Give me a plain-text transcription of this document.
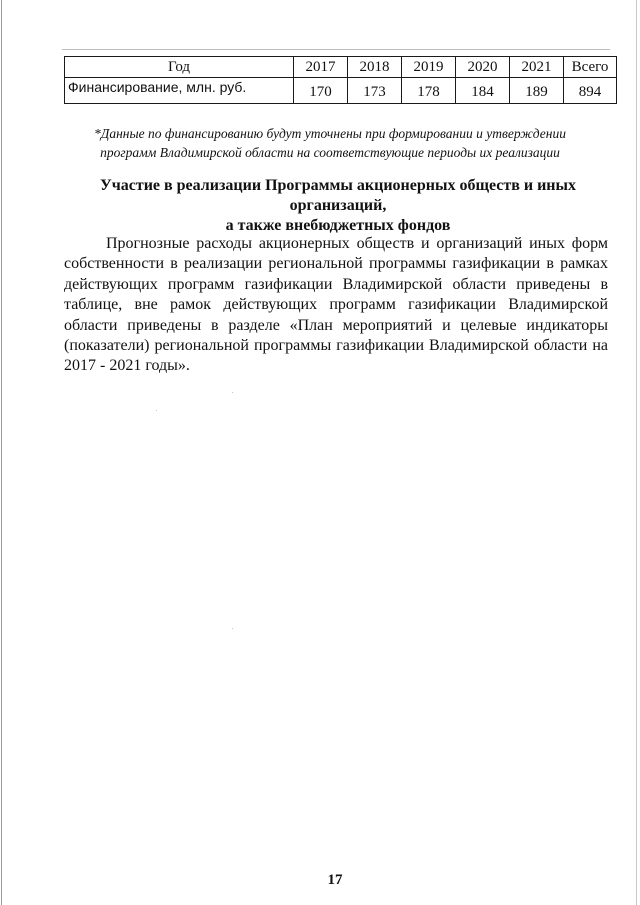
Год	2017	2018	2019	2020	2021	Всего
Финансирование, млн. руб.	170	173	178	184	189	894
*Данные по финансированию будут уточнены при формировании и утверждении
программ Владимирской области на соответствующие периоды их реализации
Участие в реализации Программы акционерных обществ и иных организаций,
а также внебюджетных фондов

Прогнозные расходы акционерных обществ и организаций иных форм собственности в реализации региональной программы газификации в рамках действующих программ газификации Владимирской области приведены в таблице, вне рамок действующих программ газификации Владимирской области приведены в разделе «План мероприятий и целевые индикаторы (показатели) региональной программы газификации Владимирской области на 2017 - 2021 годы».

17
